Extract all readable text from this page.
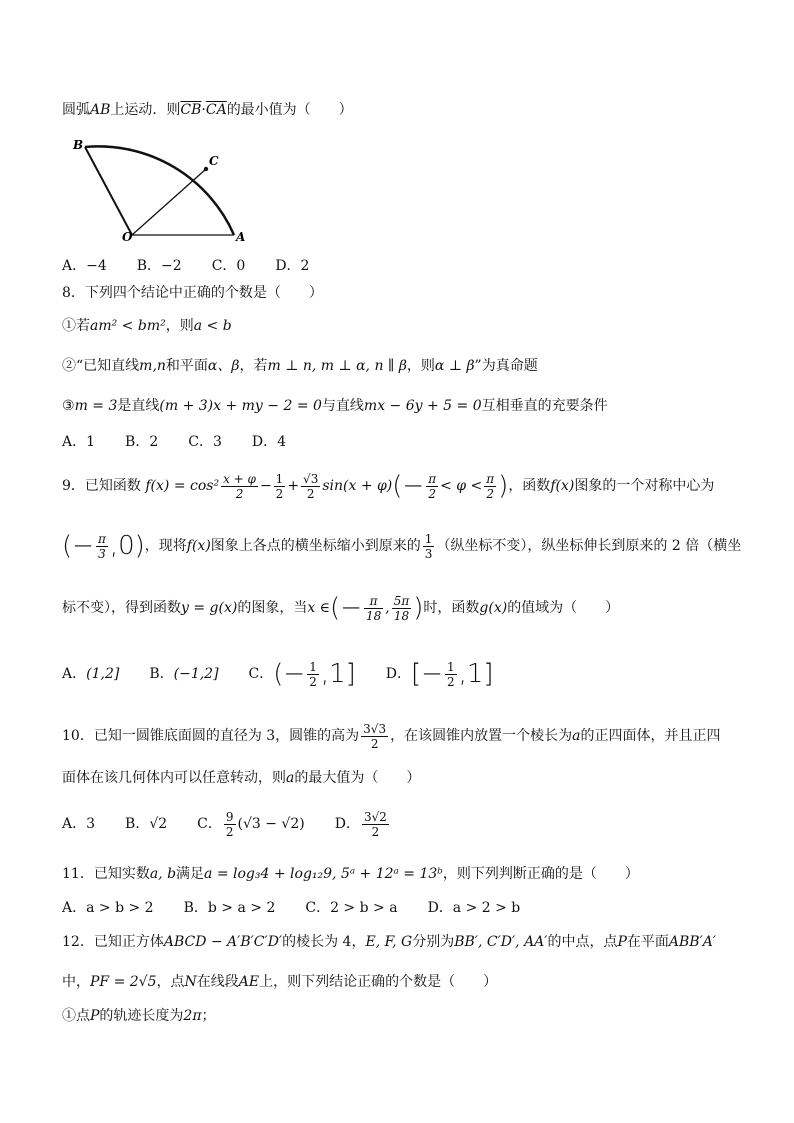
圆弧AB上运动．则$\overline{CB}\cdot\overline{CA}$的最小值为（　　）
B
C
O	A
A．−4 B．−2 C．0 D．2
8．下列四个结论中正确的个数是（　　）
①若am² < bm²，则a < b
②“已知直线m,n和平面α、β，若m ⊥ n, m ⊥ α, n ∥ β，则α ⊥ β”为真命题
③m = 3是直线(m + 3)x + my − 2 = 0与直线mx − 6y + 5 = 0互相垂直的充要条件
A．1 B．2 C．3 D．4
9．已知函数 $f(x) = \cos^2 \frac{x + \varphi}{2} - \frac{1}{2} + \frac{√3}{2} \sin(x + \varphi)(- \frac{\pi}{2} < \varphi < \frac{\pi}{2}$ )，函数f(x)图象的一个对称中心为
(− $\frac{\pi}{3} ,0$)，现将f(x)图象上各点的横坐标缩小到原来的 $\frac{1}{3}$ （纵坐标不变），纵坐标伸长到原来的 2 倍（横坐
标不变），得到函数y = g(x)的图象，当x ∈(− $\frac{\pi}{18}$ , $\frac{5\pi}{18}$ )时，函数g(x)的值域为（　　）
A．(1,2] B．(−1,2] C．(− $\frac{1}{2} ,1$] D．[− $\frac{1}{2} ,1$]
10．已知一圆锥底面圆的直径为 3，圆锥的高为 $\frac{3√3}{2}$ ，在该圆锥内放置一个棱长为a的正四面体，并且正四
面体在该几何体内可以任意转动，则a的最大值为（　　）
A．3 B．√2 C． $\frac{9}{2} (√3 - √2)$ D． $\frac{3√2}{2}$
11．已知实数a, b满足a = log₃4 + log₁₂9, 5ᵃ + 12ᵃ = 13ᵇ，则下列判断正确的是（　　）
A．a > b > 2 B．b > a > 2 C．2 > b > a D．a > 2 > b
12．已知正方体ABCD − A′B′C′D′的棱长为 4，E, F, G分别为BB′, C′D′, AA′的中点，点P在平面ABB′A′
中，PF = 2√5，点N在线段AE上，则下列结论正确的个数是（　　）
①点P的轨迹长度为2π；
